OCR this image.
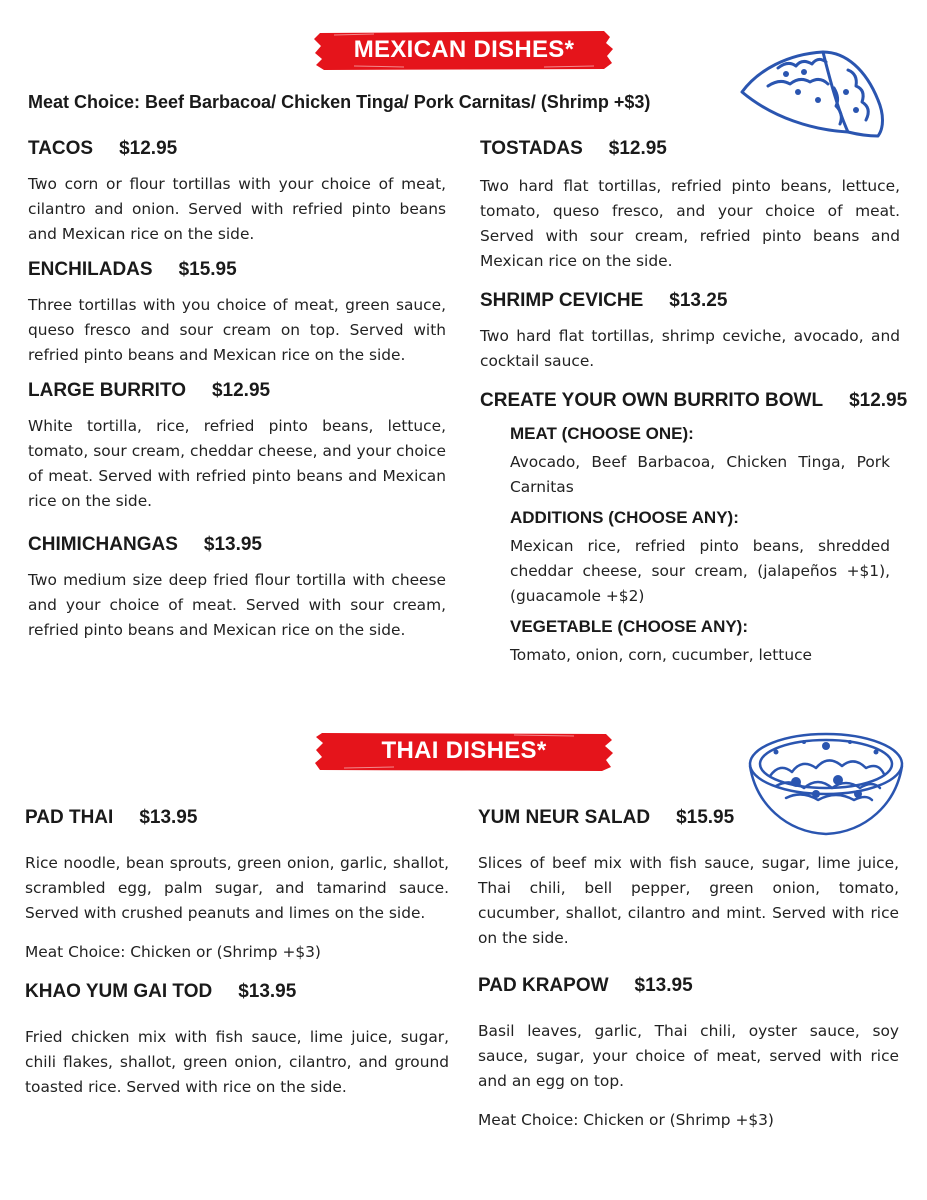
MEXICAN DISHES*
Meat Choice: Beef Barbacoa/ Chicken Tinga/ Pork Carnitas/ (Shrimp +$3)
TACOS $12.95
Two corn or flour tortillas with your choice of meat, cilantro and onion. Served with refried pinto beans and Mexican rice on the side.
ENCHILADAS $15.95
Three tortillas with you choice of meat, green sauce, queso fresco and sour cream on top. Served with refried pinto beans and Mexican rice on the side.
LARGE BURRITO $12.95
White tortilla, rice, refried pinto beans, lettuce, tomato, sour cream, cheddar cheese, and your choice of meat. Served with refried pinto beans and Mexican rice on the side.
CHIMICHANGAS $13.95
Two medium size deep fried flour tortilla with cheese and your choice of meat. Served with sour cream, refried pinto beans and Mexican rice on the side.
TOSTADAS $12.95
Two hard flat tortillas, refried pinto beans, lettuce, tomato, queso fresco, and your choice of meat. Served with sour cream, refried pinto beans and Mexican rice on the side.
SHRIMP CEVICHE $13.25
Two hard flat tortillas, shrimp ceviche, avocado, and cocktail sauce.
CREATE YOUR OWN BURRITO BOWL $12.95
MEAT (CHOOSE ONE):
Avocado, Beef Barbacoa, Chicken Tinga, Pork Carnitas
ADDITIONS (CHOOSE ANY):
Mexican rice, refried pinto beans, shredded cheddar cheese, sour cream, (jalapeños +$1), (guacamole +$2)
VEGETABLE (CHOOSE ANY):
Tomato, onion, corn, cucumber, lettuce
THAI DISHES*
PAD THAI $13.95
Rice noodle, bean sprouts, green onion, garlic, shallot, scrambled egg, palm sugar, and tamarind sauce. Served with crushed peanuts and limes on the side.
Meat Choice: Chicken or (Shrimp +$3)
KHAO YUM GAI TOD $13.95
Fried chicken mix with fish sauce, lime juice, sugar, chili flakes, shallot, green onion, cilantro, and ground toasted rice. Served with rice on the side.
YUM NEUR SALAD $15.95
Slices of beef mix with fish sauce, sugar, lime juice, Thai chili, bell pepper, green onion, tomato, cucumber, shallot, cilantro and mint. Served with rice on the side.
PAD KRAPOW $13.95
Basil leaves, garlic, Thai chili, oyster sauce, soy sauce, sugar, your choice of meat, served with rice and an egg on top.
Meat Choice: Chicken or (Shrimp +$3)
